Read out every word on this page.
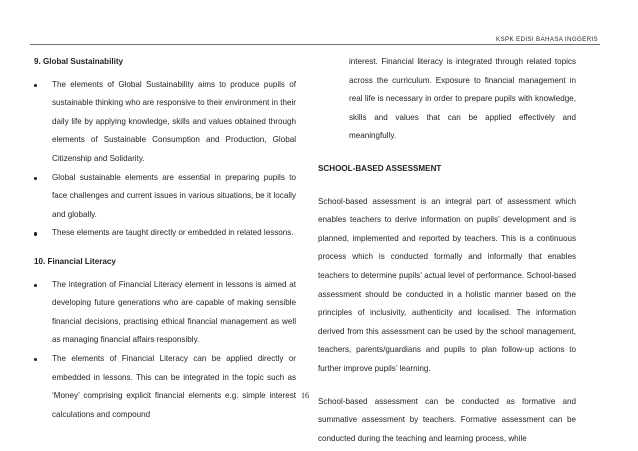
KSPK EDISI BAHASA INGGERIS

9. Global Sustainability

The elements of Global Sustainability aims to produce pupils of sustainable thinking who are responsive to their environment in their daily life by applying knowledge, skills and values obtained through elements of Sustainable Consumption and Production, Global Citizenship and Solidarity.
Global sustainable elements are essential in preparing pupils to face challenges and current issues in various situations, be it locally and globally.
These elements are taught directly or embedded in related lessons.

10. Financial Literacy

The integration of Financial Literacy element in lessons is aimed at developing future generations who are capable of making sensible financial decisions, practising ethical financial management as well as managing financial affairs responsibly.
The elements of Financial Literacy can be applied directly or embedded in lessons. This can be integrated in the topic such as ‘Money’ comprising explicit financial elements e.g. simple interest calculations and compound

interest. Financial literacy is integrated through related topics across the curriculum. Exposure to financial management in real life is necessary in order to prepare pupils with knowledge, skills and values that can be applied effectively and meaningfully.

SCHOOL-BASED ASSESSMENT

School-based assessment is an integral part of assessment which enables teachers to derive information on pupils’ development and is planned, implemented and reported by teachers. This is a continuous process which is conducted formally and informally that enables teachers to determine pupils’ actual level of performance. School-based assessment should be conducted in a holistic manner based on the principles of inclusivity, authenticity and localised. The information derived from this assessment can be used by the school management, teachers, parents/guardians and pupils to plan follow-up actions to further improve pupils’ learning.

School-based assessment can be conducted as formative and summative assessment by teachers. Formative assessment can be conducted during the teaching and learning process, while

16
